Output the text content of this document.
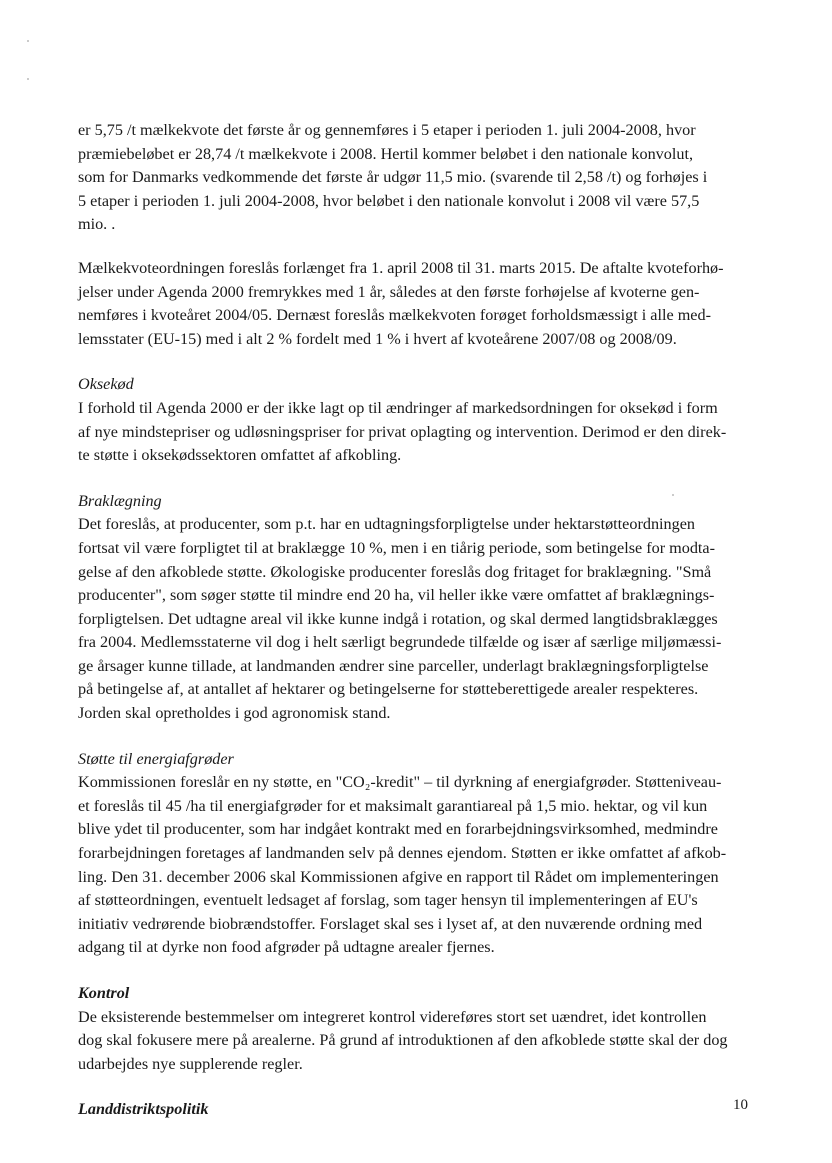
er 5,75 /t mælkekvote det første år og gennemføres i 5 etaper i perioden 1. juli 2004-2008, hvor
præmiebeløbet er 28,74 /t mælkekvote i 2008. Hertil kommer beløbet i den nationale konvolut,
som for Danmarks vedkommende det første år udgør 11,5 mio. (svarende til 2,58 /t) og forhøjes i
5 etaper i perioden 1. juli 2004-2008, hvor beløbet i den nationale konvolut i 2008 vil være 57,5
mio. .
Mælkekvoteordningen foreslås forlænget fra 1. april 2008 til 31. marts 2015. De aftalte kvoteforhø-
jelser under Agenda 2000 fremrykkes med 1 år, således at den første forhøjelse af kvoterne gen-
nemføres i kvoteåret 2004/05. Dernæst foreslås mælkekvoten forøget forholdsmæssigt i alle med-
lemsstater (EU-15) med i alt 2 % fordelt med 1 % i hvert af kvoteårene 2007/08 og 2008/09.
Oksekød
I forhold til Agenda 2000 er der ikke lagt op til ændringer af markedsordningen for oksekød i form
af nye mindstepriser og udløsningspriser for privat oplagting og intervention. Derimod er den direk-
te støtte i oksekødssektoren omfattet af afkobling.
Braklægning
Det foreslås, at producenter, som p.t. har en udtagningsforpligtelse under hektarstøtteordningen
fortsat vil være forpligtet til at braklægge 10 %, men i en tiårig periode, som betingelse for modta-
gelse af den afkoblede støtte. Økologiske producenter foreslås dog fritaget for braklægning. "Små
producenter", som søger støtte til mindre end 20 ha, vil heller ikke være omfattet af braklægnings-
forpligtelsen. Det udtagne areal vil ikke kunne indgå i rotation, og skal dermed langtidsbraklægges
fra 2004. Medlemsstaterne vil dog i helt særligt begrundede tilfælde og især af særlige miljømæssi-
ge årsager kunne tillade, at landmanden ændrer sine parceller, underlagt braklægningsforpligtelse
på betingelse af, at antallet af hektarer og betingelserne for støtteberettigede arealer respekteres.
Jorden skal opretholdes i god agronomisk stand.
Støtte til energiafgrøder
Kommissionen foreslår en ny støtte, en "CO₂-kredit" – til dyrkning af energiafgrøder. Støtteniveau-
et foreslås til 45 /ha til energiafgrøder for et maksimalt garantiareal på 1,5 mio. hektar, og vil kun
blive ydet til producenter, som har indgået kontrakt med en forarbejdningsvirksomhed, medmindre
forarbejdningen foretages af landmanden selv på dennes ejendom. Støtten er ikke omfattet af afkob-
ling. Den 31. december 2006 skal Kommissionen afgive en rapport til Rådet om implementeringen
af støtteordningen, eventuelt ledsaget af forslag, som tager hensyn til implementeringen af EU's
initiativ vedrørende biobrændstoffer. Forslaget skal ses i lyset af, at den nuværende ordning med
adgang til at dyrke non food afgrøder på udtagne arealer fjernes.
Kontrol
De eksisterende bestemmelser om integreret kontrol videreføres stort set uændret, idet kontrollen
dog skal fokusere mere på arealerne. På grund af introduktionen af den afkoblede støtte skal der dog
udarbejdes nye supplerende regler.
Landdistriktspolitik	10
